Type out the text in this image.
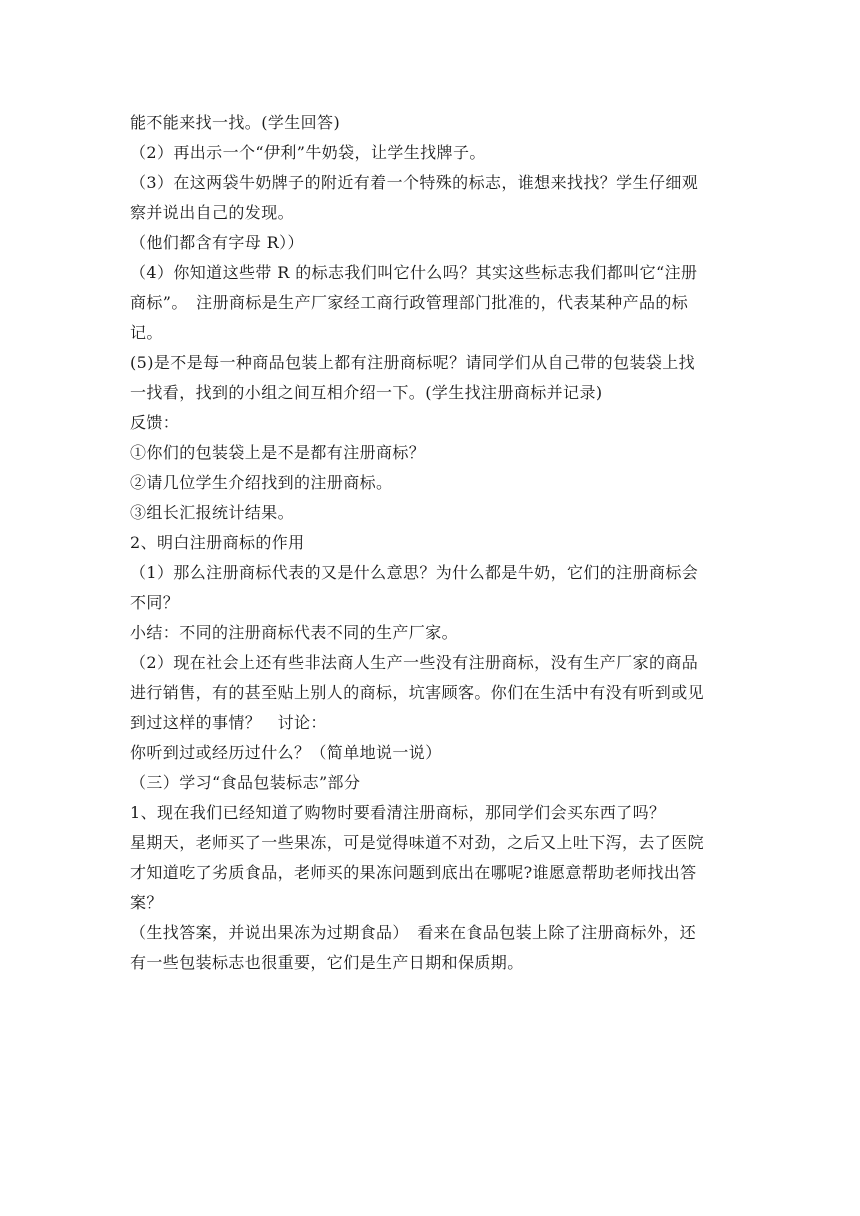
能不能来找一找。(学生回答)
（2）再出示一个“伊利”牛奶袋，让学生找牌子。
（3）在这两袋牛奶牌子的附近有着一个特殊的标志，谁想来找找？学生仔细观
察并说出自己的发现。
（他们都含有字母 R））
（4）你知道这些带 R 的标志我们叫它什么吗？其实这些标志我们都叫它“注册
商标”。　注册商标是生产厂家经工商行政管理部门批准的，代表某种产品的标
记。
(5)是不是每一种商品包装上都有注册商标呢？请同学们从自己带的包装袋上找
一找看，找到的小组之间互相介绍一下。(学生找注册商标并记录)
反馈：
①你们的包装袋上是不是都有注册商标？
②请几位学生介绍找到的注册商标。
③组长汇报统计结果。
2、明白注册商标的作用
（1）那么注册商标代表的又是什么意思？为什么都是牛奶，它们的注册商标会
不同？
小结：不同的注册商标代表不同的生产厂家。
（2）现在社会上还有些非法商人生产一些没有注册商标，没有生产厂家的商品
进行销售，有的甚至贴上别人的商标，坑害顾客。你们在生活中有没有听到或见
到过这样的事情？　讨论：
你听到过或经历过什么？（简单地说一说）
（三）学习“食品包装标志”部分
1、现在我们已经知道了购物时要看清注册商标，那同学们会买东西了吗？
星期天，老师买了一些果冻，可是觉得味道不对劲，之后又上吐下泻，去了医院
才知道吃了劣质食品，老师买的果冻问题到底出在哪呢?谁愿意帮助老师找出答
案？
（生找答案，并说出果冻为过期食品）　看来在食品包装上除了注册商标外，还
有一些包装标志也很重要，它们是生产日期和保质期。
